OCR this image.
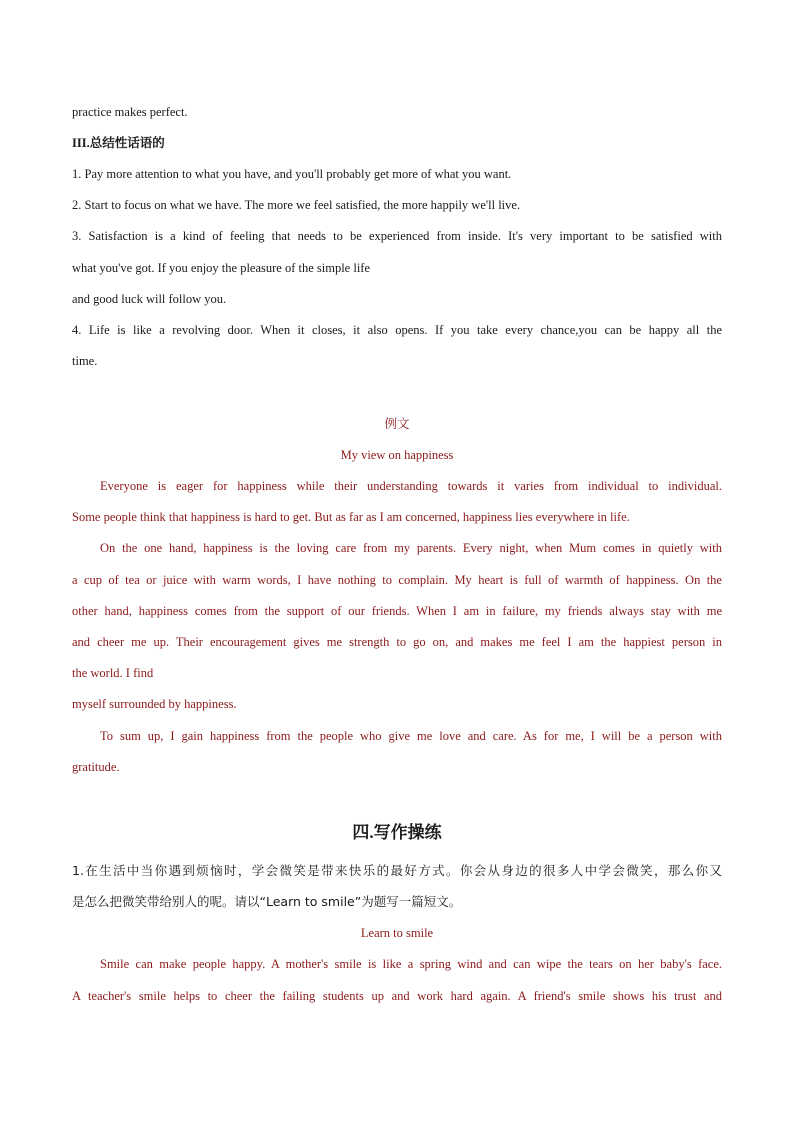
practice makes perfect.
III.总结性话语的
1. Pay more attention to what you have, and you'll probably get more of what you want.
2. Start to focus on what we have. The more we feel satisfied, the more happily we'll live.
3. Satisfaction is a kind of feeling that needs to be experienced from inside. It's very important to be satisfied with
what you've got. If you enjoy the pleasure of the simple life
and good luck will follow you.
4. Life is like a revolving door. When it closes, it also opens. If you take every chance,you can be happy all the
time.
例文
My view on happiness
Everyone is eager for happiness while their understanding towards it varies from individual to individual.
Some people think that happiness is hard to get. But as far as I am concerned, happiness lies everywhere in life.
On the one hand, happiness is the loving care from my parents. Every night, when Mum comes in quietly with
a cup of tea or juice with warm words, I have nothing to complain. My heart is full of warmth of happiness. On the
other hand, happiness comes from the support of our friends. When I am in failure, my friends always stay with me
and cheer me up. Their encouragement gives me strength to go on, and makes me feel I am the happiest person in
the world. I find
myself surrounded by happiness.
To sum up, I gain happiness from the people who give me love and care. As for me, I will be a person with
gratitude.
四.写作操练
1.在生活中当你遇到烦恼时，学会微笑是带来快乐的最好方式。你会从身边的很多人中学会微笑，那么你又
是怎么把微笑带给别人的呢。请以“Learn to smile”为题写一篇短文。
Learn to smile
Smile can make people happy. A mother's smile is like a spring wind and can wipe the tears on her baby's face.
A teacher's smile helps to cheer the failing students up and work hard again. A friend's smile shows his trust and
